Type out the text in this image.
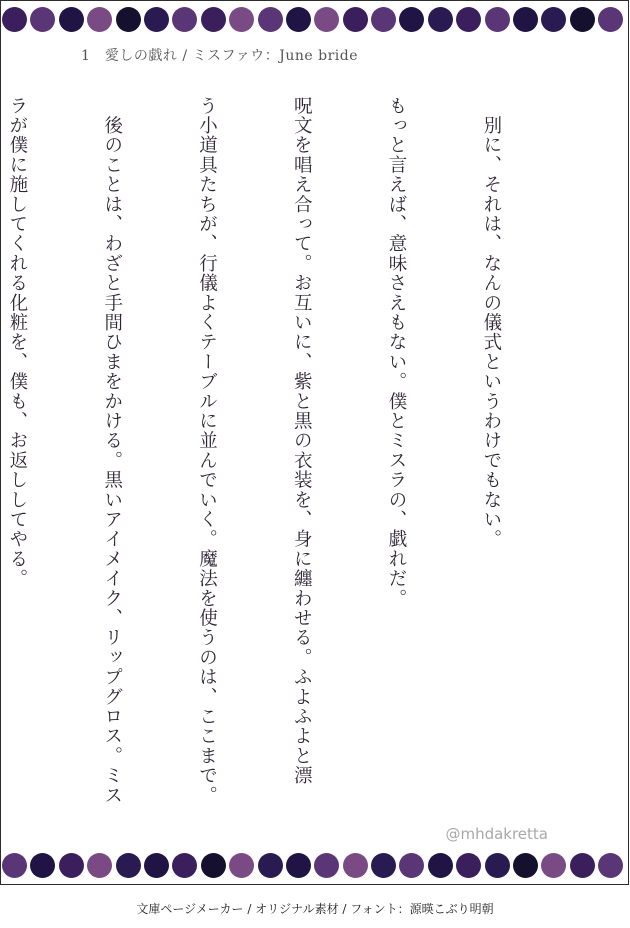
1　愛しの戯れ / ミスファウ：June bride

　別に、それは、なんの儀式というわけでもない。

もっと言えば、意味さえもない。僕とミスラの、戯れだ。

呪文を唱え合って。お互いに、紫と黒の衣装を、身に纏わせる。ふよふよと漂

う小道具たちが、行儀よくテーブルに並んでいく。魔法を使うのは、ここまで。

　後のことは、わざと手間ひまをかける。黒いアイメイク、リップグロス。ミス

ラが僕に施してくれる化粧を、僕も、お返ししてやる。

@mhdakretta
文庫ページメーカー / オリジナル素材 / フォント：源暎こぶり明朝
